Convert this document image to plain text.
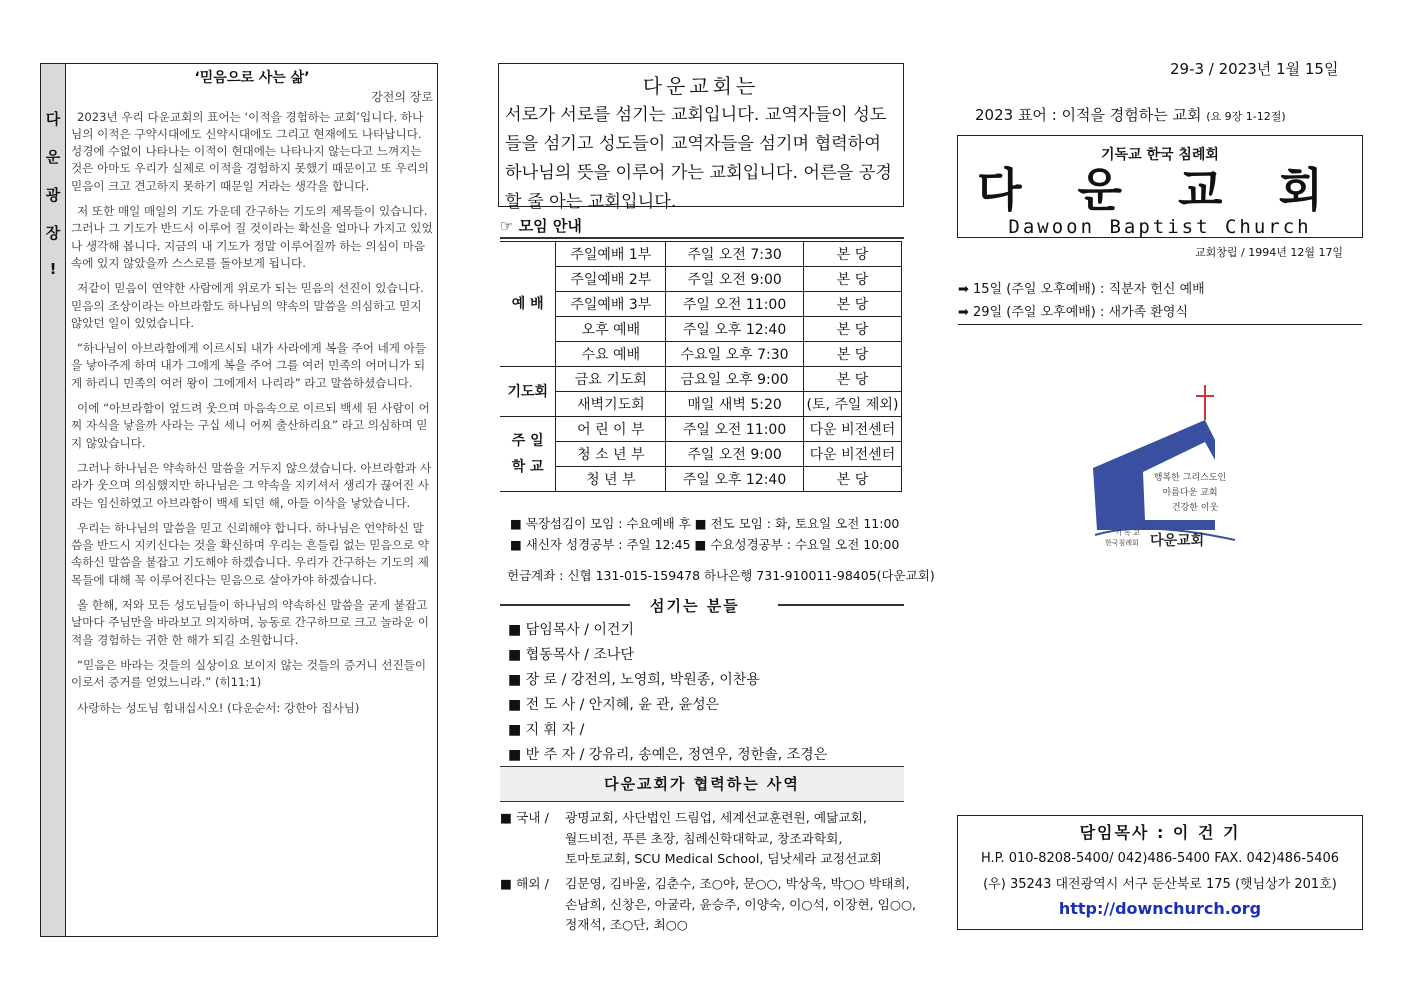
다
운
광
장
!
‘믿음으로 사는 삶’
강전의 장로

2023년 우리 다운교회의 표어는 ‘이적을 경험하는 교회’입니다. 하나님의 이적은 구약시대에도 신약시대에도 그리고 현재에도 나타납니다. 성경에 수없이 나타나는 이적이 현대에는 나타나지 않는다고 느껴지는 것은 아마도 우리가 실제로 이적을 경험하지 못했기 때문이고 또 우리의 믿음이 크고 견고하지 못하기 때문일 거라는 생각을 합니다.

저 또한 매일 매일의 기도 가운데 간구하는 기도의 제목들이 있습니다. 그러나 그 기도가 반드시 이루어 질 것이라는 확신을 얼마나 가지고 있었나 생각해 봅니다. 지금의 내 기도가 정말 이루어질까 하는 의심이 마음속에 있지 않았을까 스스로를 돌아보게 됩니다.

저같이 믿음이 연약한 사람에게 위로가 되는 믿음의 선진이 있습니다. 믿음의 조상이라는 아브라함도 하나님의 약속의 말씀을 의심하고 믿지 않았던 일이 있었습니다.

“하나님이 아브라함에게 이르시되 내가 사라에게 복을 주어 네게 아들을 낳아주게 하며 내가 그에게 복을 주어 그를 여러 민족의 어머니가 되게 하리니 민족의 여러 왕이 그에게서 나리라” 라고 말씀하셨습니다.

이에 “아브라함이 엎드려 웃으며 마음속으로 이르되 백세 된 사람이 어찌 자식을 낳을까 사라는 구십 세니 어찌 출산하리요” 라고 의심하며 믿지 않았습니다.

그러나 하나님은 약속하신 말씀을 거두지 않으셨습니다. 아브라함과 사라가 웃으며 의심했지만 하나님은 그 약속을 지키셔서 생리가 끊어진 사라는 임신하였고 아브라함이 백세 되던 해, 아들 이삭을 낳았습니다.

우리는 하나님의 말씀을 믿고 신뢰해야 합니다. 하나님은 언약하신 말씀을 반드시 지키신다는 것을 확신하며 우리는 흔들림 없는 믿음으로 약속하신 말씀을 붙잡고 기도해야 하겠습니다. 우리가 간구하는 기도의 제목들에 대해 꼭 이루어진다는 믿음으로 살아가야 하겠습니다.

올 한해, 저와 모든 성도님들이 하나님의 약속하신 말씀을 굳게 붙잡고 날마다 주님만을 바라보고 의지하며, 능동로 간구하므로 크고 놀라운 이적을 경험하는 귀한 한 해가 되길 소원합니다.

“믿음은 바라는 것들의 실상이요 보이지 않는 것들의 증거니 선진들이 이로서 증거를 얻었느니라.” (히11:1)

사랑하는 성도님 힘내십시오! (다운순서: 강한아 집사님)

다운교회는
서로가 서로를 섬기는 교회입니다. 교역자들이 성도들을 섬기고 성도들이 교역자들을 섬기며 협력하여 하나님의 뜻을 이루어 가는 교회입니다. 어른을 공경할 줄 아는 교회입니다.
☞ 모임 안내
예 배	주일예배 1부	주일 오전 7:30	본 당
	주일예배 2부	주일 오전 9:00	본 당
	주일예배 3부	주일 오전 11:00	본 당
	오후 예배	주일 오후 12:40	본 당
	수요 예배	수요일 오후 7:30	본 당
기도회	금요 기도회	금요일 오후 9:00	본 당
	새벽기도회	매일 새벽 5:20	(토, 주일 제외)
주 일
학 교	어 린 이 부	주일 오전 11:00	다운 비전센터
	청 소 년 부	주일 오전 9:00	다운 비전센터
	청 년 부	주일 오후 12:40	본 당
■ 목장섬김이 모임 : 수요예배 후 ■ 전도 모임 : 화, 토요일 오전 11:00
■ 새신자 성경공부 : 주일 12:45 ■ 수요성경공부 : 수요일 오전 10:00
헌금계좌 : 신협 131-015-159478 하나은행 731-910011-98405(다운교회)
섬기는 분들
■ 담임목사 / 이건기
■ 협동목사 / 조나단
■ 장 로 / 강전의, 노영희, 박원종, 이찬용
■ 전 도 사 / 안지혜, 윤 관, 윤성은
■ 지 휘 자 /
■ 반 주 자 / 강유리, 송예은, 정연우, 정한솔, 조경은
다운교회가 협력하는 사역
■ 국내 / 광명교회, 사단법인 드림업, 세계선교훈련원, 예닮교회,
월드비전, 푸른 초장, 침례신학대학교, 창조과학회,
토마토교회, SCU Medical School, 딤낫세라 교정선교회
■ 해외 / 김문영, 김바울, 김춘수, 조○야, 문○○, 박상욱, 박○○ 박태희,
손남희, 신창은, 아굴라, 윤승주, 이양숙, 이○석, 이장현, 임○○,
정재석, 조○단, 최○○
29-3 / 2023년 1월 15일
2023 표어 : 이적을 경험하는 교회 (요 9장 1-12절)
기독교 한국 침례회
다 운 교 회
Dawoon Baptist Church
교회창립 / 1994년 12월 17일
➡ 15일 (주일 오후예배) : 직분자 헌신 예배
➡ 29일 (주일 오후예배) : 새가족 환영식
행복한 그리스도인
아름다운 교회
건강한 이웃
기 독 교
한국침례회 다운교회
담임목사 : 이 건 기
H.P. 010-8208-5400/ 042)486-5400 FAX. 042)486-5406
(우) 35243 대전광역시 서구 둔산북로 175 (햇님상가 201호)
http://downchurch.org
